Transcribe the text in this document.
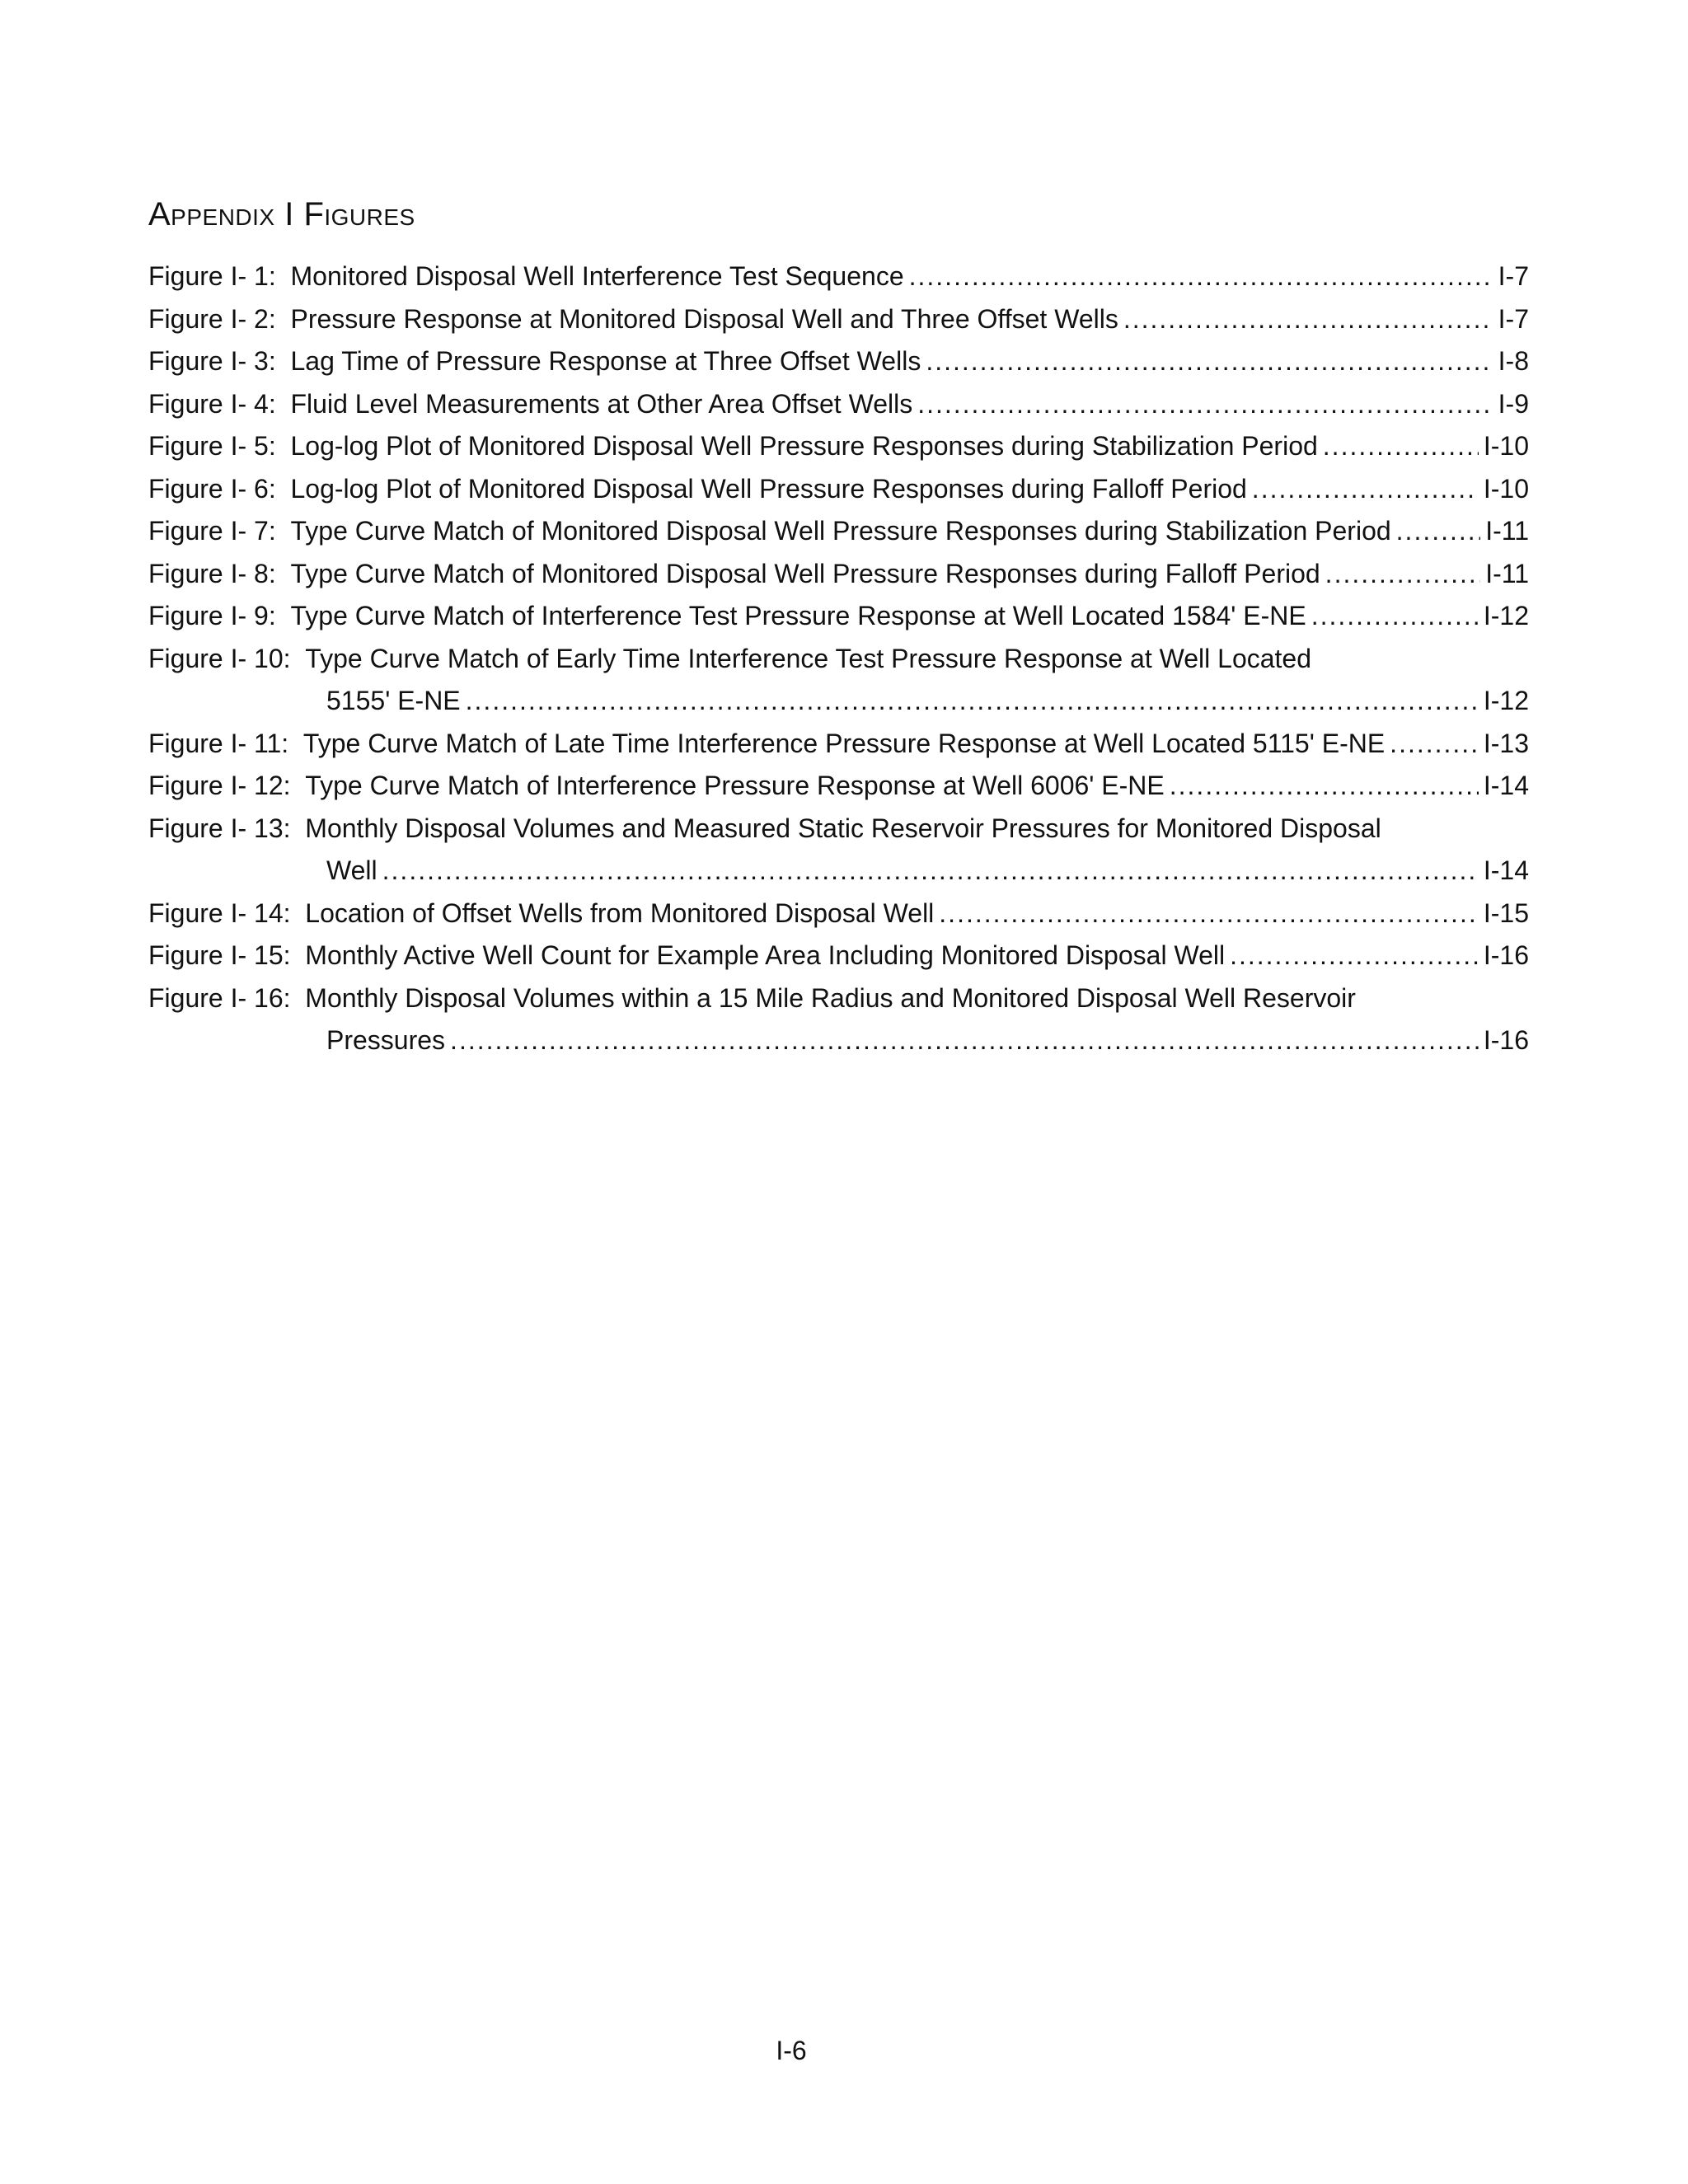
Appendix I Figures
Figure I- 1: Monitored Disposal Well Interference Test Sequence .....	I-7
Figure I- 2: Pressure Response at Monitored Disposal Well and Three Offset Wells .....	I-7
Figure I- 3: Lag Time of Pressure Response at Three Offset Wells .....	I-8
Figure I- 4: Fluid Level Measurements at Other Area Offset Wells .....	I-9
Figure I- 5: Log-log Plot of Monitored Disposal Well Pressure Responses during Stabilization Period .....	I-10
Figure I- 6: Log-log Plot of Monitored Disposal Well Pressure Responses during Falloff Period .....	I-10
Figure I- 7: Type Curve Match of Monitored Disposal Well Pressure Responses during Stabilization Period .....	I-11
Figure I- 8: Type Curve Match of Monitored Disposal Well Pressure Responses during Falloff Period .....	I-11
Figure I- 9: Type Curve Match of Interference Test Pressure Response at Well Located 1584' E-NE .....	I-12
Figure I- 10: Type Curve Match of Early Time Interference Test Pressure Response at Well Located
5155' E-NE .....	I-12
Figure I- 11: Type Curve Match of Late Time Interference Pressure Response at Well Located 5115' E-NE .....	I-13
Figure I- 12: Type Curve Match of Interference Pressure Response at Well 6006' E-NE .....	I-14
Figure I- 13: Monthly Disposal Volumes and Measured Static Reservoir Pressures for Monitored Disposal
Well .....	I-14
Figure I- 14: Location of Offset Wells from Monitored Disposal Well .....	I-15
Figure I- 15: Monthly Active Well Count for Example Area Including Monitored Disposal Well .....	I-16
Figure I- 16: Monthly Disposal Volumes within a 15 Mile Radius and Monitored Disposal Well Reservoir
Pressures .....	I-16
I-6
